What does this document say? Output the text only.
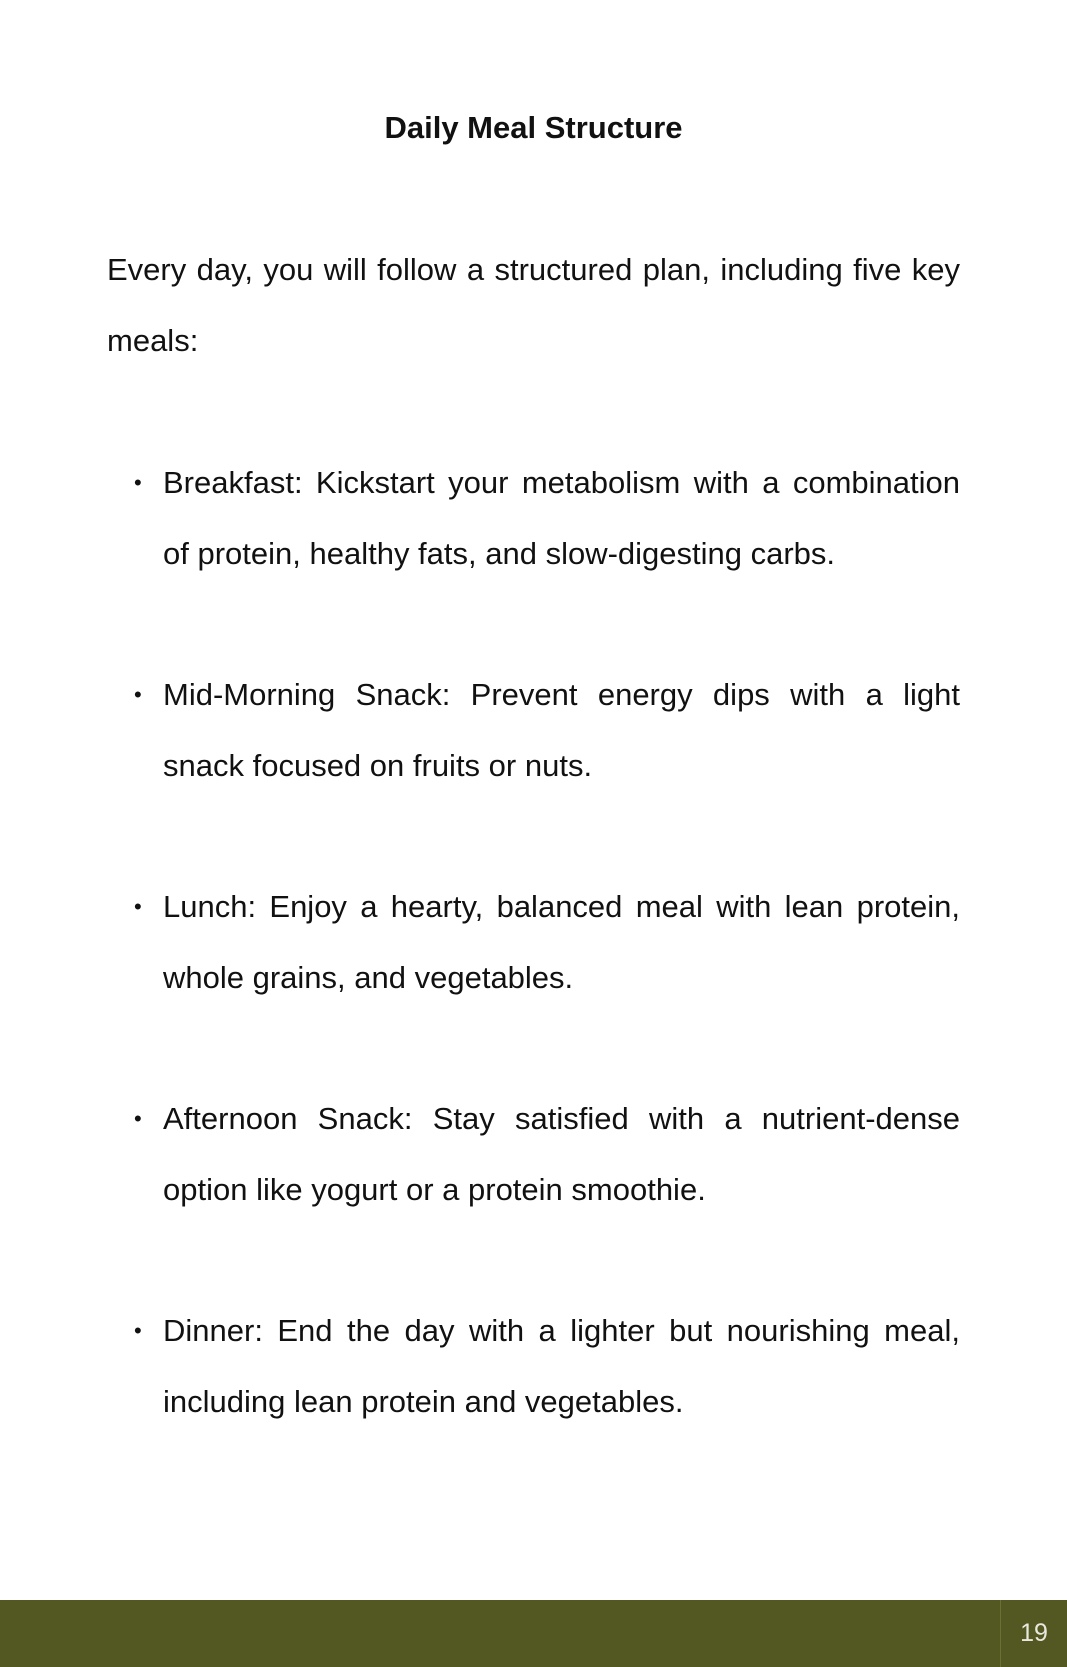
Daily Meal Structure

Every day, you will follow a structured plan, including five key meals:

• Breakfast: Kickstart your metabolism with a combination of protein, healthy fats, and slow-digesting carbs.
• Mid-Morning Snack: Prevent energy dips with a light snack focused on fruits or nuts.
• Lunch: Enjoy a hearty, balanced meal with lean protein, whole grains, and vegetables.
• Afternoon Snack: Stay satisfied with a nutrient-dense option like yogurt or a protein smoothie.
• Dinner: End the day with a lighter but nourishing meal, including lean protein and vegetables.
19
